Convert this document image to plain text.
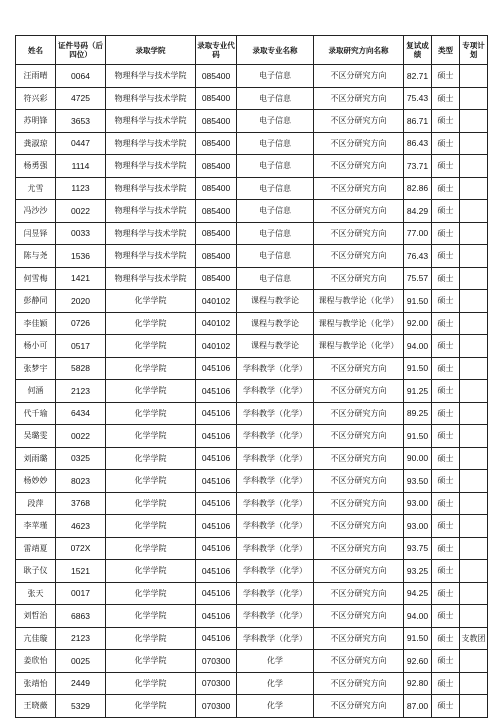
姓名	证件号码（后四位）	录取学院	录取专业代码	录取专业名称	录取研究方向名称	复试成绩	类型	专项计划
汪雨晴	0064	物理科学与技术学院	085400	电子信息	不区分研究方向	82.71	硕士	
符兴彩	4725	物理科学与技术学院	085400	电子信息	不区分研究方向	75.43	硕士	
苏明锋	3653	物理科学与技术学院	085400	电子信息	不区分研究方向	86.71	硕士	
龚淑琼	0447	物理科学与技术学院	085400	电子信息	不区分研究方向	86.43	硕士	
杨勇强	1114	物理科学与技术学院	085400	电子信息	不区分研究方向	73.71	硕士	
尤雪	1123	物理科学与技术学院	085400	电子信息	不区分研究方向	82.86	硕士	
冯沙沙	0022	物理科学与技术学院	085400	电子信息	不区分研究方向	84.29	硕士	
闫昱铎	0033	物理科学与技术学院	085400	电子信息	不区分研究方向	77.00	硕士	
陈与尧	1536	物理科学与技术学院	085400	电子信息	不区分研究方向	76.43	硕士	
何雪梅	1421	物理科学与技术学院	085400	电子信息	不区分研究方向	75.57	硕士	
彭静同	2020	化学学院	040102	课程与教学论	课程与教学论（化学）	91.50	硕士	
李佳颖	0726	化学学院	040102	课程与教学论	课程与教学论（化学）	92.00	硕士	
杨小可	0517	化学学院	040102	课程与教学论	课程与教学论（化学）	94.00	硕士	
张梦宇	5828	化学学院	045106	学科教学（化学）	不区分研究方向	91.50	硕士	
何涵	2123	化学学院	045106	学科教学（化学）	不区分研究方向	91.25	硕士	
代千瑜	6434	化学学院	045106	学科教学（化学）	不区分研究方向	89.25	硕士	
吴璐雯	0022	化学学院	045106	学科教学（化学）	不区分研究方向	91.50	硕士	
刘雨璐	0325	化学学院	045106	学科教学（化学）	不区分研究方向	90.00	硕士	
杨妙妙	8023	化学学院	045106	学科教学（化学）	不区分研究方向	93.50	硕士	
段萍	3768	化学学院	045106	学科教学（化学）	不区分研究方向	93.00	硕士	
李苹瑾	4623	化学学院	045106	学科教学（化学）	不区分研究方向	93.00	硕士	
雷靖夏	072X	化学学院	045106	学科教学（化学）	不区分研究方向	93.75	硕士	
耿子仪	1521	化学学院	045106	学科教学（化学）	不区分研究方向	93.25	硕士	
张天	0017	化学学院	045106	学科教学（化学）	不区分研究方向	94.25	硕士	
刘哲治	6863	化学学院	045106	学科教学（化学）	不区分研究方向	94.00	硕士	
亢佳璇	2123	化学学院	045106	学科教学（化学）	不区分研究方向	91.50	硕士	支教团
姜欣怡	0025	化学学院	070300	化学	不区分研究方向	92.60	硕士	
张靖怡	2449	化学学院	070300	化学	不区分研究方向	92.80	硕士	
王晓薇	5329	化学学院	070300	化学	不区分研究方向	87.00	硕士	
